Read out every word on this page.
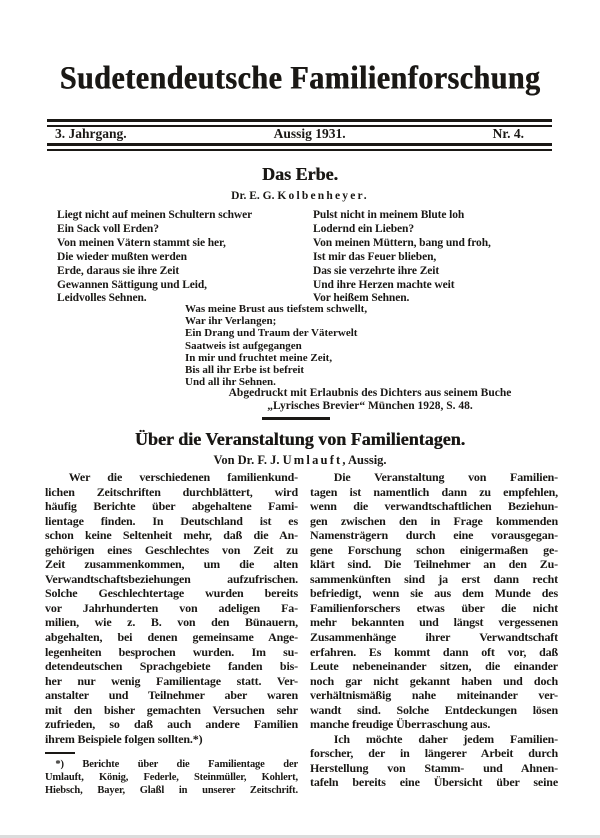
Sudetendeutsche Familienforschung
3. Jahrgang.	Aussig 1931.	Nr. 4.
Das Erbe.

Dr. E. G. Kolbenheyer.

Liegt nicht auf meinen Schultern schwer
Ein Sack voll Erden?
Von meinen Vätern stammt sie her,
Die wieder mußten werden
Erde, daraus sie ihre Zeit
Gewannen Sättigung und Leid,
Leidvolles Sehnen.
Pulst nicht in meinem Blute loh
Lodernd ein Lieben?
Von meinen Müttern, bang und froh,
Ist mir das Feuer blieben,
Das sie verzehrte ihre Zeit
Und ihre Herzen machte weit
Vor heißem Sehnen.
Was meine Brust aus tiefstem schwellt,
War ihr Verlangen;
Ein Drang und Traum der Väterwelt
Saatweis ist aufgegangen
In mir und fruchtet meine Zeit,
Bis all ihr Erbe ist befreit
Und all ihr Sehnen.
Abgedruckt mit Erlaubnis des Dichters aus seinem Buche
„Lyrisches Brevier“ München 1928, S. 48.
Über die Veranstaltung von Familientagen.

Von Dr. F. J. Umlauft, Aussig.

  Wer die verschiedenen familienkund-
lichen Zeitschriften durchblättert, wird
häufig Berichte über abgehaltene Fami-
lientage finden. In Deutschland ist es
schon keine Seltenheit mehr, daß die An-
gehörigen eines Geschlechtes von Zeit zu
Zeit zusammenkommen, um die alten
Verwandtschaftsbeziehungen aufzufrischen.
Solche Geschlechtertage wurden bereits
vor Jahrhunderten von adeligen Fa-
milien, wie z. B. von den Bünauern,
abgehalten, bei denen gemeinsame Ange-
legenheiten besprochen wurden. Im su-
detendeutschen Sprachgebiete fanden bis-
her nur wenig Familientage statt. Ver-
anstalter und Teilnehmer aber waren
mit den bisher gemachten Versuchen sehr
zufrieden, so daß auch andere Familien
ihrem Beispiele folgen sollten.*)
 *) Berichte über die Familientage der
Umlauft, König, Federle, Steinmüller, Kohlert,
Hiebsch, Bayer, Glaßl in unserer Zeitschrift.
  Die Veranstaltung von Familien-
tagen ist namentlich dann zu empfehlen,
wenn die verwandtschaftlichen Beziehun-
gen zwischen den in Frage kommenden
Namensträgern durch eine vorausgegan-
gene Forschung schon einigermaßen ge-
klärt sind. Die Teilnehmer an den Zu-
sammenkünften sind ja erst dann recht
befriedigt, wenn sie aus dem Munde des
Familienforschers etwas über die nicht
mehr bekannten und längst vergessenen
Zusammenhänge ihrer Verwandtschaft
erfahren. Es kommt dann oft vor, daß
Leute nebeneinander sitzen, die einander
noch gar nicht gekannt haben und doch
verhältnismäßig nahe miteinander ver-
wandt sind. Solche Entdeckungen lösen
manche freudige Überraschung aus.
  Ich möchte daher jedem Familien-
forscher, der in längerer Arbeit durch
Herstellung von Stamm- und Ahnen-
tafeln bereits eine Übersicht über seine
